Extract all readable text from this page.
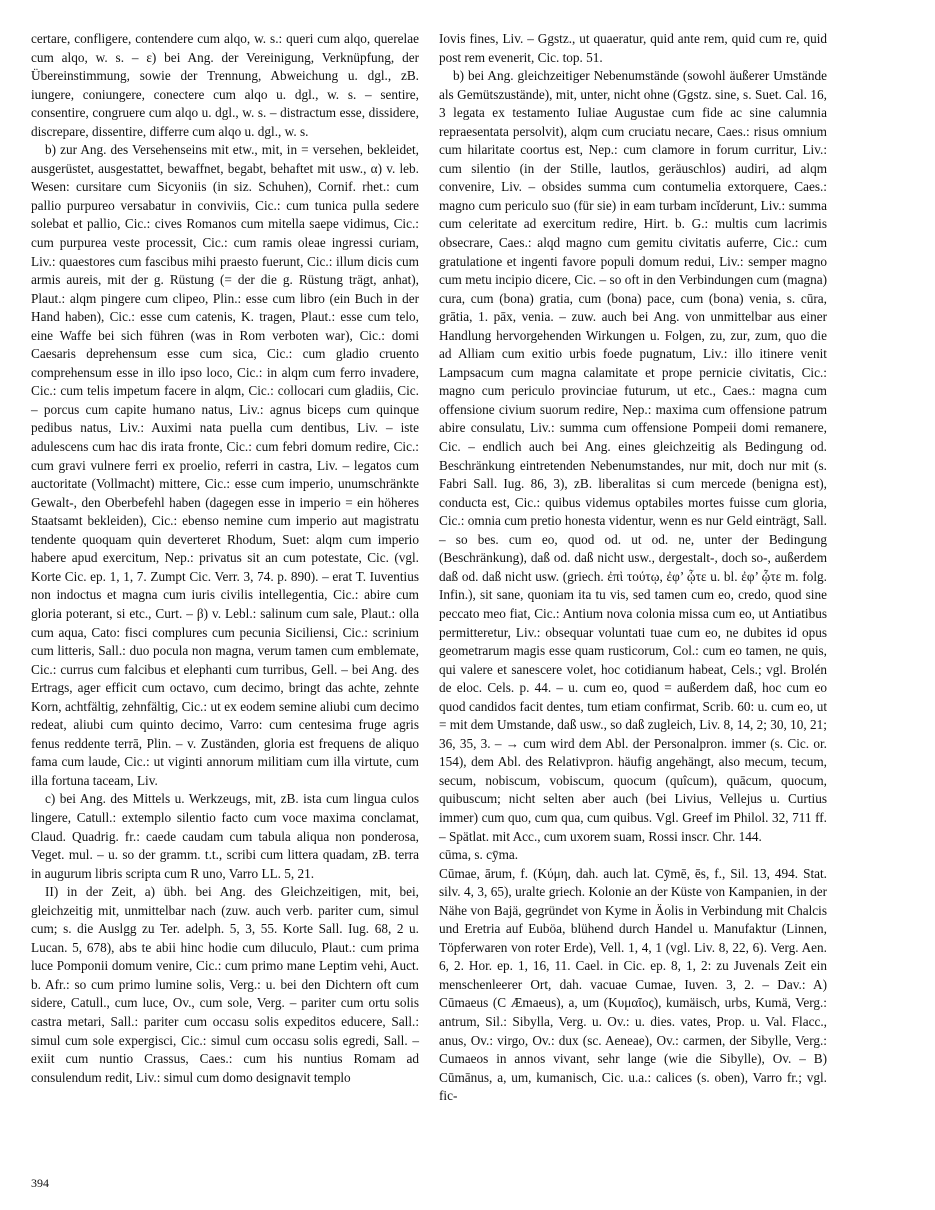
certare, confligere, contendere cum alqo, w. s.: queri cum alqo, querelae cum alqo, w. s. – ε) bei Ang. der Vereinigung, Verknüpfung, der Übereinstimmung, sowie der Trennung, Abweichung u. dgl., zB. iungere, coniungere, conectere cum alqo u. dgl., w. s. – sentire, consentire, congruere cum alqo u. dgl., w. s. – distractum esse, dissidere, discrepare, dissentire, differre cum alqo u. dgl., w. s.

b) zur Ang. des Versehenseins mit etw., mit, in = versehen, bekleidet, ausgerüstet, ausgestattet, bewaffnet, begabt, behaftet mit usw., α) v. leb. Wesen: cursitare cum Sicyoniis (in siz. Schuhen), Cornif. rhet.: cum pallio purpureo versabatur in conviviis, Cic.: cum tunica pulla sedere solebat et pallio, Cic.: cives Romanos cum mitella saepe vidimus, Cic.: cum purpurea veste processit, Cic.: cum ramis oleae ingressi curiam, Liv.: quaestores cum fascibus mihi praesto fuerunt, Cic.: illum dicis cum armis aureis, mit der g. Rüstung (= der die g. Rüstung trägt, anhat), Plaut.: alqm pingere cum clipeo, Plin.: esse cum libro (ein Buch in der Hand haben), Cic.: esse cum catenis, K. tragen, Plaut.: esse cum telo, eine Waffe bei sich führen (was in Rom verboten war), Cic.: domi Caesaris deprehensum esse cum sica, Cic.: cum gladio cruento comprehensum esse in illo ipso loco, Cic.: in alqm cum ferro invadere, Cic.: cum telis impetum facere in alqm, Cic.: collocari cum gladiis, Cic. – porcus cum capite humano natus, Liv.: agnus biceps cum quinque pedibus natus, Liv.: Auximi nata puella cum dentibus, Liv. – iste adulescens cum hac dis irata fronte, Cic.: cum febri domum redire, Cic.: cum gravi vulnere ferri ex proelio, referri in castra, Liv. – legatos cum auctoritate (Vollmacht) mittere, Cic.: esse cum imperio, unumschränkte Gewalt-, den Oberbefehl haben (dagegen esse in imperio = ein höheres Staatsamt bekleiden), Cic.: ebenso nemine cum imperio aut magistratu tendente quoquam quin deverteret Rhodum, Suet: alqm cum imperio habere apud exercitum, Nep.: privatus sit an cum potestate, Cic. (vgl. Korte Cic. ep. 1, 1, 7. Zumpt Cic. Verr. 3, 74. p. 890). – erat T. Iuventius non indoctus et magna cum iuris civilis intellegentia, Cic.: abire cum gloria poterant, si etc., Curt. – β) v. Lebl.: salinum cum sale, Plaut.: olla cum aqua, Cato: fisci complures cum pecunia Siciliensi, Cic.: scrinium cum litteris, Sall.: duo pocula non magna, verum tamen cum emblemate, Cic.: currus cum falcibus et elephanti cum turribus, Gell. – bei Ang. des Ertrags, ager efficit cum octavo, cum decimo, bringt das achte, zehnte Korn, achtfältig, zehnfältig, Cic.: ut ex eodem semine aliubi cum decimo redeat, aliubi cum quinto decimo, Varro: cum centesima fruge agris fenus reddente terrā, Plin. – v. Zuständen, gloria est frequens de aliquo fama cum laude, Cic.: ut viginti annorum militiam cum illa virtute, cum illa fortuna taceam, Liv.

c) bei Ang. des Mittels u. Werkzeugs, mit, zB. ista cum lingua culos lingere, Catull.: extemplo silentio facto cum voce maxima conclamat, Claud. Quadrig. fr.: caede caudam cum tabula aliqua non ponderosa, Veget. mul. – u. so der gramm. t.t., scribi cum littera quadam, zB. terra in augurum libris scripta cum R uno, Varro LL. 5, 21.

II) in der Zeit, a) übh. bei Ang. des Gleichzeitigen, mit, bei, gleichzeitig mit, unmittelbar nach (zuw. auch verb. pariter cum, simul cum; s. die Auslgg zu Ter. adelph. 5, 3, 55. Korte Sall. Iug. 68, 2 u. Lucan. 5, 678), abs te abii hinc hodie cum diluculo, Plaut.: cum prima luce Pomponii domum venire, Cic.: cum primo mane Leptim vehi, Auct. b. Afr.: so cum primo lumine solis, Verg.: u. bei den Dichtern oft cum sidere, Catull., cum luce, Ov., cum sole, Verg. – pariter cum ortu solis castra metari, Sall.: pariter cum occasu solis expeditos educere, Sall.: simul cum sole expergisci, Cic.: simul cum occasu solis egredi, Sall. – exiit cum nuntio Crassus, Caes.: cum his nuntius Romam ad consulendum redit, Liv.: simul cum domo designavit templo

Iovis fines, Liv. – Ggstz., ut quaeratur, quid ante rem, quid cum re, quid post rem evenerit, Cic. top. 51.

b) bei Ang. gleichzeitiger Nebenumstände (sowohl äußerer Umstände als Gemütszustände), mit, unter, nicht ohne (Ggstz. sine, s. Suet. Cal. 16, 3 legata ex testamento Iuliae Augustae cum fide ac sine calumnia repraesentata persolvit), alqm cum cruciatu necare, Caes.: risus omnium cum hilaritate coortus est, Nep.: cum clamore in forum curritur, Liv.: cum silentio (in der Stille, lautlos, geräuschlos) audiri, ad alqm convenire, Liv. – obsides summa cum contumelia extorquere, Caes.: magno cum periculo suo (für sie) in eam turbam incĭderunt, Liv.: summa cum celeritate ad exercitum redire, Hirt. b. G.: multis cum lacrimis obsecrare, Caes.: alqd magno cum gemitu civitatis auferre, Cic.: cum gratulatione et ingenti favore populi domum redui, Liv.: semper magno cum metu incipio dicere, Cic. – so oft in den Verbindungen cum (magna) cura, cum (bona) gratia, cum (bona) pace, cum (bona) venia, s. cūra, grātia, 1. pāx, venia. – zuw. auch bei Ang. von unmittelbar aus einer Handlung hervorgehenden Wirkungen u. Folgen, zu, zur, zum, quo die ad Alliam cum exitio urbis foede pugnatum, Liv.: illo itinere venit Lampsacum cum magna calamitate et prope pernicie civitatis, Cic.: magno cum periculo provinciae futurum, ut etc., Caes.: magna cum offensione civium suorum redire, Nep.: maxima cum offensione patrum abire consulatu, Liv.: summa cum offensione Pompeii domi remanere, Cic. – endlich auch bei Ang. eines gleichzeitig als Bedingung od. Beschränkung eintretenden Nebenumstandes, nur mit, doch nur mit (s. Fabri Sall. Iug. 86, 3), zB. liberalitas si cum mercede (benigna est), conducta est, Cic.: quibus videmus optabiles mortes fuisse cum gloria, Cic.: omnia cum pretio honesta videntur, wenn es nur Geld einträgt, Sall. – so bes. cum eo, quod od. ut od. ne, unter der Bedingung (Beschränkung), daß od. daß nicht usw., dergestalt-, doch so-, außerdem daß od. daß nicht usw. (griech. ἐπὶ τούτῳ, ἐφ’ ᾧτε u. bl. ἐφ’ ᾧτε m. folg. Infin.), sit sane, quoniam ita tu vis, sed tamen cum eo, credo, quod sine peccato meo fiat, Cic.: Antium nova colonia missa cum eo, ut Antiatibus permitteretur, Liv.: obsequar voluntati tuae cum eo, ne dubites id opus geometrarum magis esse quam rusticorum, Col.: cum eo tamen, ne quis, qui valere et sanescere volet, hoc cotidianum habeat, Cels.; vgl. Brolén de eloc. Cels. p. 44. – u. cum eo, quod = außerdem daß, hoc cum eo quod candidos facit dentes, tum etiam confirmat, Scrib. 60: u. cum eo, ut = mit dem Umstande, daß usw., so daß zugleich, Liv. 8, 14, 2; 30, 10, 21; 36, 35, 3. – → cum wird dem Abl. der Personalpron. immer (s. Cic. or. 154), dem Abl. des Relativpron. häufig angehängt, also mecum, tecum, secum, nobiscum, vobiscum, quocum (quîcum), quācum, quocum, quibuscum; nicht selten aber auch (bei Livius, Vellejus u. Curtius immer) cum quo, cum qua, cum quibus. Vgl. Greef im Philol. 32, 711 ff. – Spätlat. mit Acc., cum uxorem suam, Rossi inscr. Chr. 144.

cūma, s. cȳma.

Cūmae, ārum, f. (Κύμη, dah. auch lat. Cȳmē, ēs, f., Sil. 13, 494. Stat. silv. 4, 3, 65), uralte griech. Kolonie an der Küste von Kampanien, in der Nähe von Bajä, gegründet von Kyme in Äolis in Verbindung mit Chalcis und Eretria auf Euböa, blühend durch Handel u. Manufaktur (Linnen, Töpferwaren von roter Erde), Vell. 1, 4, 1 (vgl. Liv. 8, 22, 6). Verg. Aen. 6, 2. Hor. ep. 1, 16, 11. Cael. in Cic. ep. 8, 1, 2: zu Juvenals Zeit ein menschenleerer Ort, dah. vacuae Cumae, Iuven. 3, 2. – Dav.: A) Cūmaeus (C Æmaeus), a, um (Κυμαῖος), kumäisch, urbs, Kumä, Verg.: antrum, Sil.: Sibylla, Verg. u. Ov.: u. dies. vates, Prop. u. Val. Flacc., anus, Ov.: virgo, Ov.: dux (sc. Aeneae), Ov.: carmen, der Sibylle, Verg.: Cumaeos in annos vivant, sehr lange (wie die Sibylle), Ov. – B) Cūmānus, a, um, kumanisch, Cic. u.a.: calices (s. oben), Varro fr.; vgl. fic-

394
